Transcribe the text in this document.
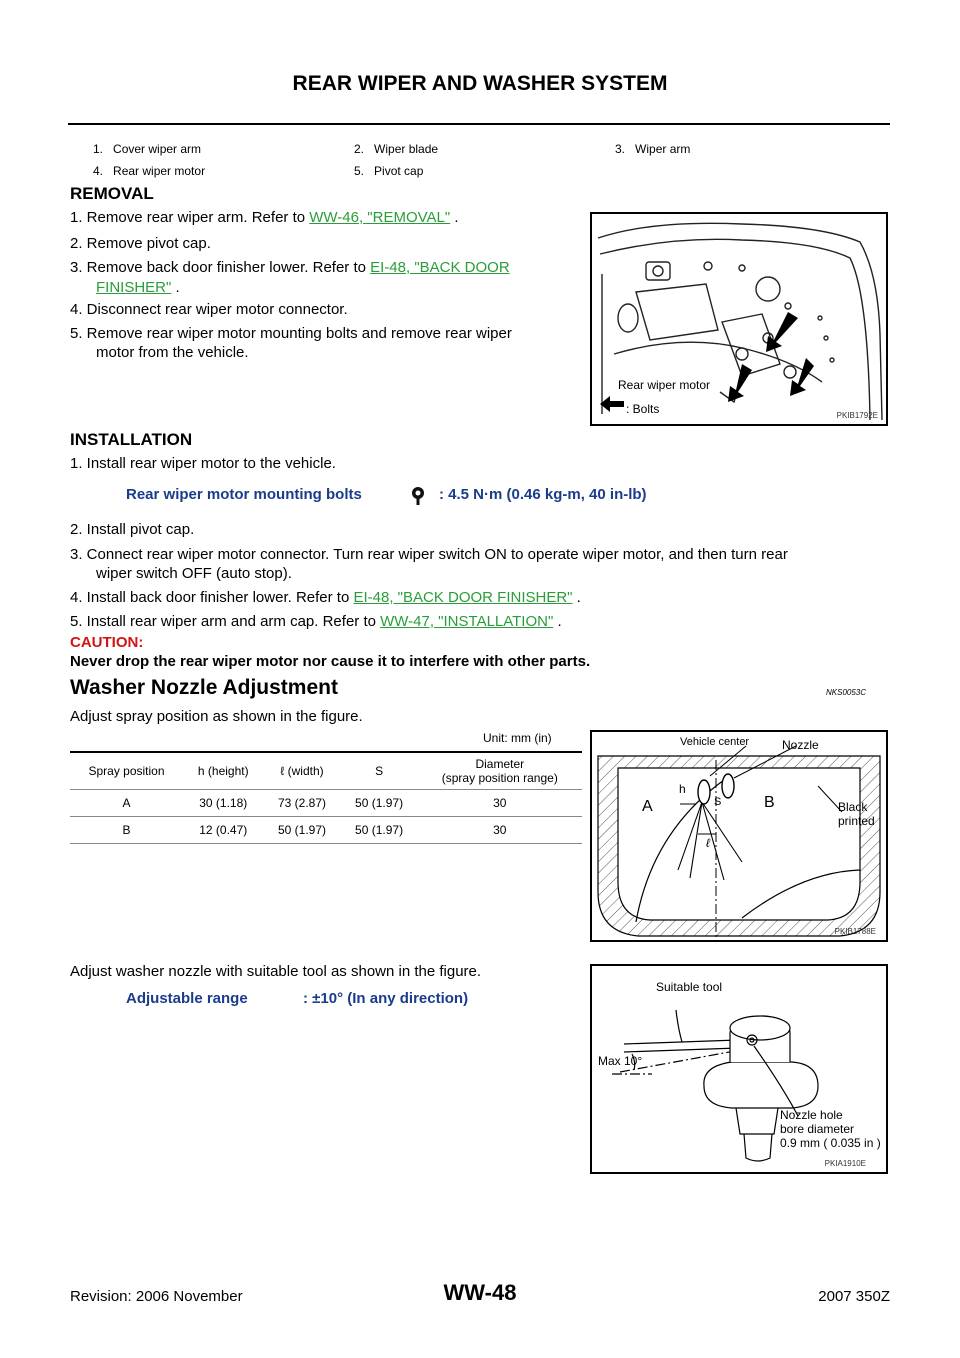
REAR WIPER AND WASHER SYSTEM
1. Cover wiper arm
4. Rear wiper motor
2. Wiper blade
5. Pivot cap
3. Wiper arm
REMOVAL
1. Remove rear wiper arm. Refer to WW-46, "REMOVAL" .
2. Remove pivot cap.
3. Remove back door finisher lower. Refer to EI-48, "BACK DOOR
FINISHER" .
4. Disconnect rear wiper motor connector.
5. Remove rear wiper motor mounting bolts and remove rear wiper
motor from the vehicle.
Rear wiper motor
: Bolts	PKIB1792E
INSTALLATION
1. Install rear wiper motor to the vehicle.
Rear wiper motor mounting bolts	: 4.5 N·m (0.46 kg-m, 40 in-lb)
2. Install pivot cap.
3. Connect rear wiper motor connector. Turn rear wiper switch ON to operate wiper motor, and then turn rear
wiper switch OFF (auto stop).
4. Install back door finisher lower. Refer to EI-48, "BACK DOOR FINISHER" .
5. Install rear wiper arm and arm cap. Refer to WW-47, "INSTALLATION" .
CAUTION:
Never drop the rear wiper motor nor cause it to interfere with other parts.
Washer Nozzle Adjustment	NKS0053C
Adjust spray position as shown in the figure.
Unit: mm (in)
Spray position	h (height)	ℓ (width)	S	Diameter
(spray position range)

A	30 (1.18)	73 (2.87)	50 (1.97)	30
B	12 (0.47)	50 (1.97)	50 (1.97)	30
Vehicle center	Nozzle
Black
printed
h
S
A	B
ℓ
PKIB1788E
Adjust washer nozzle with suitable tool as shown in the figure.
Adjustable range	: ±10° (In any direction)
Suitable tool
Max 10°
Nozzle hole
bore diameter
0.9 mm ( 0.035 in )
PKIA1910E
Revision: 2006 November	WW-48	2007 350Z
